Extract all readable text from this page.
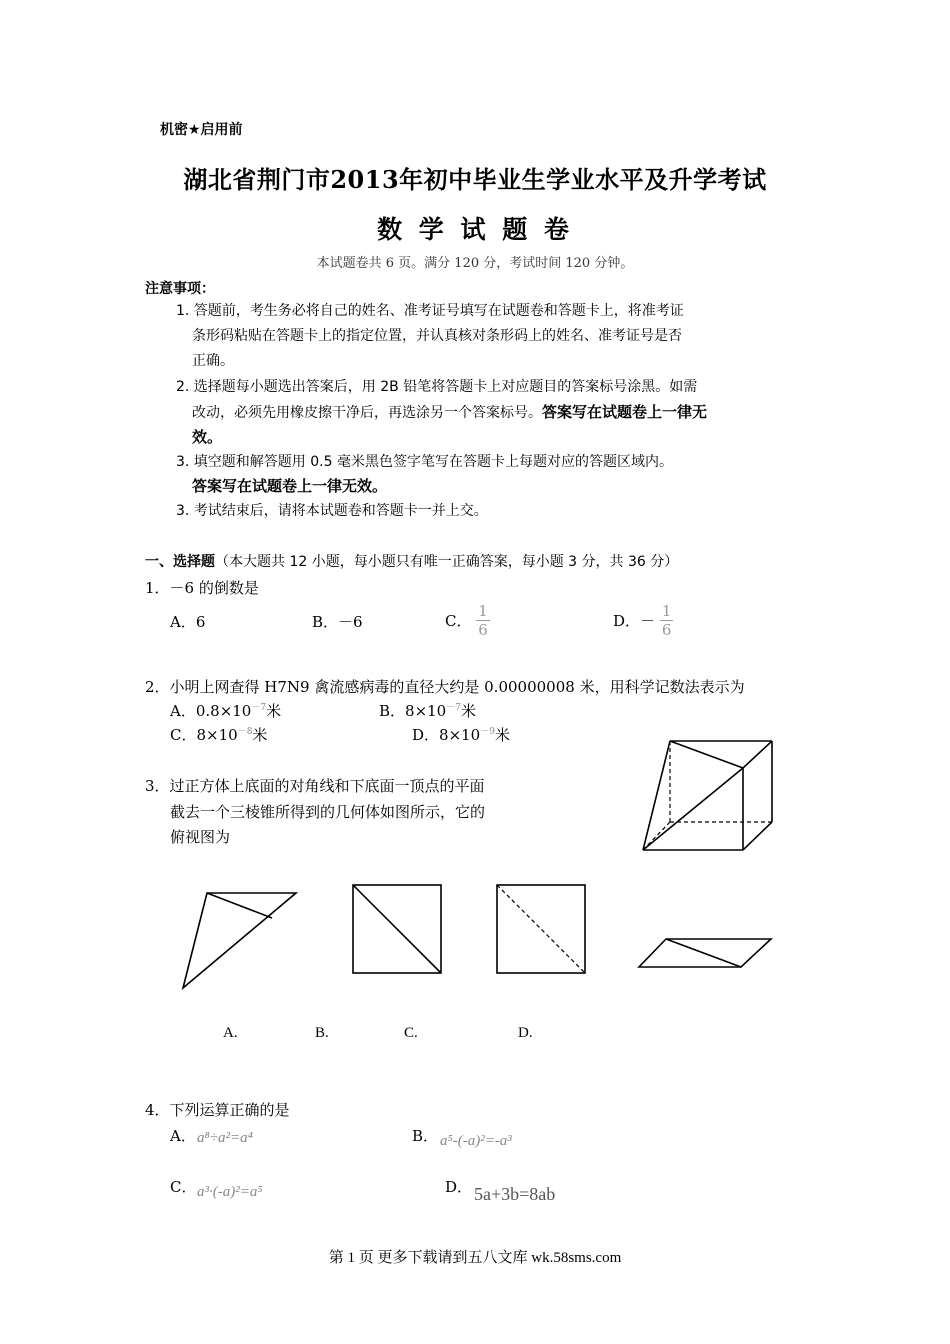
机密★启用前
湖北省荆门市2013年初中毕业生学业水平及升学考试
数 学 试 题 卷
本试题卷共 6 页。满分 120 分，考试时间 120 分钟。
注意事项：
1. 答题前，考生务必将自己的姓名、准考证号填写在试题卷和答题卡上，将准考证
条形码粘贴在答题卡上的指定位置，并认真核对条形码上的姓名、准考证号是否
正确。
2. 选择题每小题选出答案后，用 2B 铅笔将答题卡上对应题目的答案标号涂黑。如需
改动，必须先用橡皮擦干净后，再选涂另一个答案标号。答案写在试题卷上一律无
效。
3. 填空题和解答题用 0.5 毫米黑色签字笔写在答题卡上每题对应的答题区域内。
答案写在试题卷上一律无效。
3. 考试结束后，请将本试题卷和答题卡一并上交。
一、选择题（本大题共 12 小题，每小题只有唯一正确答案，每小题 3 分，共 36 分）
1．－6 的倒数是
A．6	B．－6	C． $\frac{1}{6}$	D．－ $\frac{1}{6}$
2．小明上网查得 H7N9 禽流感病毒的直径大约是 0.00000008 米，用科学记数法表示为
A．$0.8\times 10^{-7}$米	B．$8\times 10^{-7}$米
C．$8\times 10^{-8}$米	D．$8\times 10^{-9}$米
3．过正方体上底面的对角线和下底面一顶点的平面
截去一个三棱锥所得到的几何体如图所示，它的
俯视图为
A.	B.	C.	D.
4．下列运算正确的是
A． a⁸÷a²=a⁴	B． a⁵-(-a)²=-a³
C． a³·(-a)²=a⁵	D． 5a+3b=8ab
第 1 页 更多下载请到五八文库 wk.58sms.com
